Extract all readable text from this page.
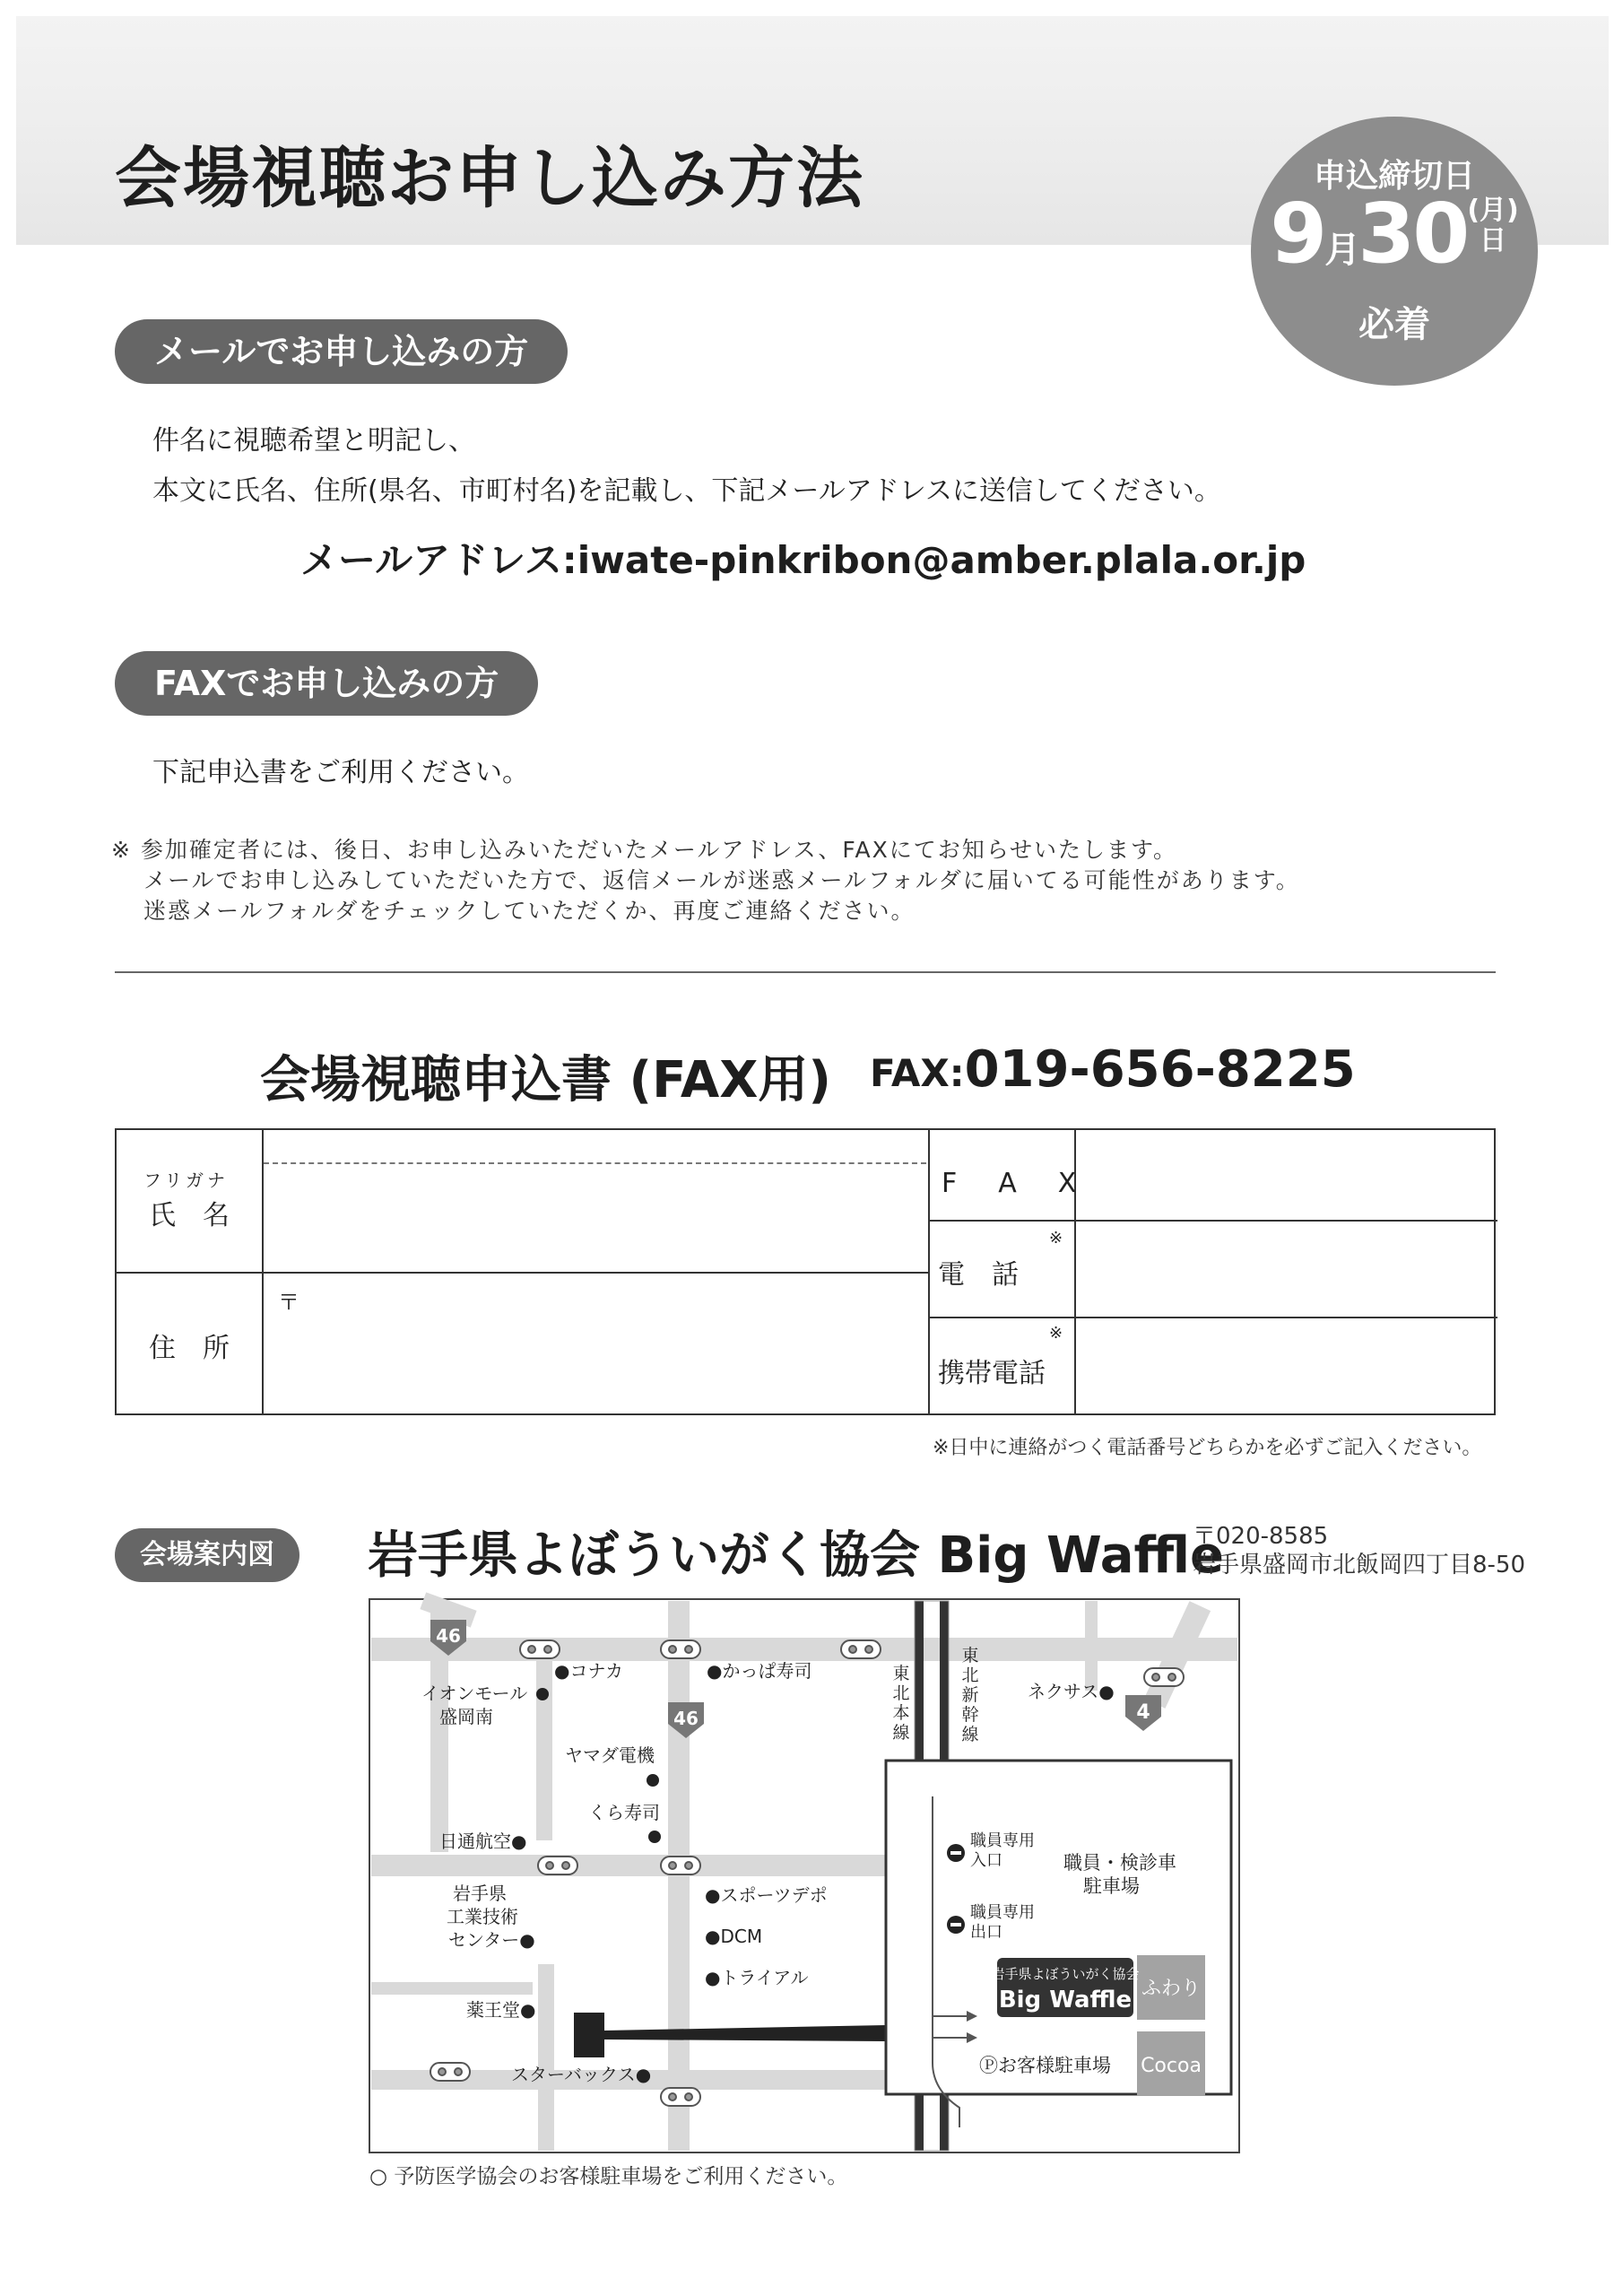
会場視聴お申し込み方法	申込締切日
9月30(月)
日
必着
メールでお申し込みの方
件名に視聴希望と明記し、
本文に氏名、住所(県名、市町村名)を記載し、下記メールアドレスに送信してください。
メールアドレス:iwate-pinkribon@amber.plala.or.jp
FAXでお申し込みの方
下記申込書をご利用ください。
※ 参加確定者には、後日、お申し込みいただいたメールアドレス、FAXにてお知らせいたします。
メールでお申し込みしていただいた方で、返信メールが迷惑メールフォルダに届いてる可能性があります。
迷惑メールフォルダをチェックしていただくか、再度ご連絡ください。
会場視聴申込書 (FAX用) FAX:019-656-8225
フリガナ
氏　名
住　所
〒
F　A　X
※
電　話
※
携帯電話
※日中に連絡がつく電話番号どちらかを必ずご記入ください。
会場案内図	岩手県よぼういがく協会 Big Waffle
〒020-8585
岩手県盛岡市北飯岡四丁目8-50
46
46	4
イオンモール
盛岡南
●コナカ	●かっぱ寿司
ヤマダ電機
くら寿司
日通航空●
●スポーツデポ
●DCM
●トライアル
岩手県
工業技術
センター●
薬王堂●
スターバックス●
ネクサス●
東
北
本
線
東
北
新
幹
線
職員専用
入口
職員専用
出口
職員・検診車
駐車場
岩手県よぼういがく協会
Big Waffle ふわり
Cocoa
Ⓟお客様駐車場
○ 予防医学協会のお客様駐車場をご利用ください。
